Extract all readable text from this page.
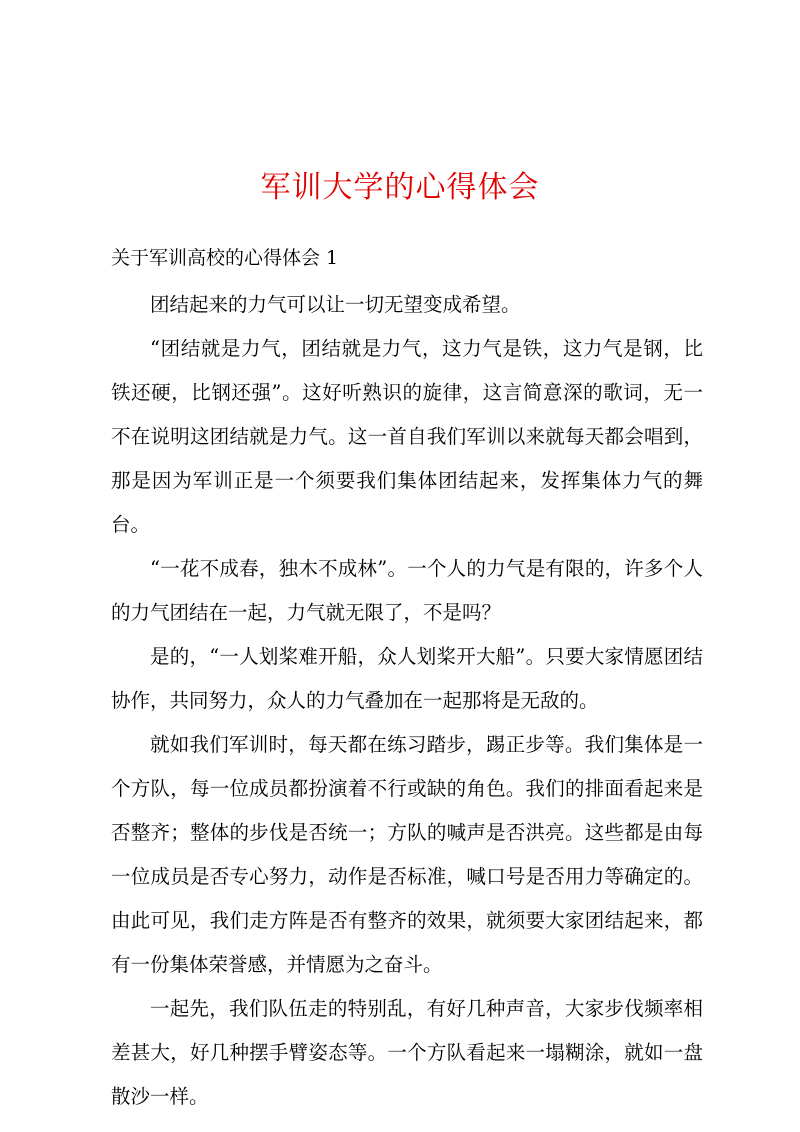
军训大学的心得体会
关于军训高校的心得体会 1

团结起来的力气可以让一切无望变成希望。

“团结就是力气，团结就是力气，这力气是铁，这力气是钢，比铁还硬，比钢还强”。这好听熟识的旋律，这言简意深的歌词，无一不在说明这团结就是力气。这一首自我们军训以来就每天都会唱到，那是因为军训正是一个须要我们集体团结起来，发挥集体力气的舞台。

“一花不成春，独木不成林”。一个人的力气是有限的，许多个人的力气团结在一起，力气就无限了，不是吗？

是的，“一人划桨难开船，众人划桨开大船”。只要大家情愿团结协作，共同努力，众人的力气叠加在一起那将是无敌的。

就如我们军训时，每天都在练习踏步，踢正步等。我们集体是一个方队，每一位成员都扮演着不行或缺的角色。我们的排面看起来是否整齐；整体的步伐是否统一；方队的喊声是否洪亮。这些都是由每一位成员是否专心努力，动作是否标准，喊口号是否用力等确定的。由此可见，我们走方阵是否有整齐的效果，就须要大家团结起来，都有一份集体荣誉感，并情愿为之奋斗。

一起先，我们队伍走的特别乱，有好几种声音，大家步伐频率相差甚大，好几种摆手臂姿态等。一个方队看起来一塌糊涂，就如一盘散沙一样。
